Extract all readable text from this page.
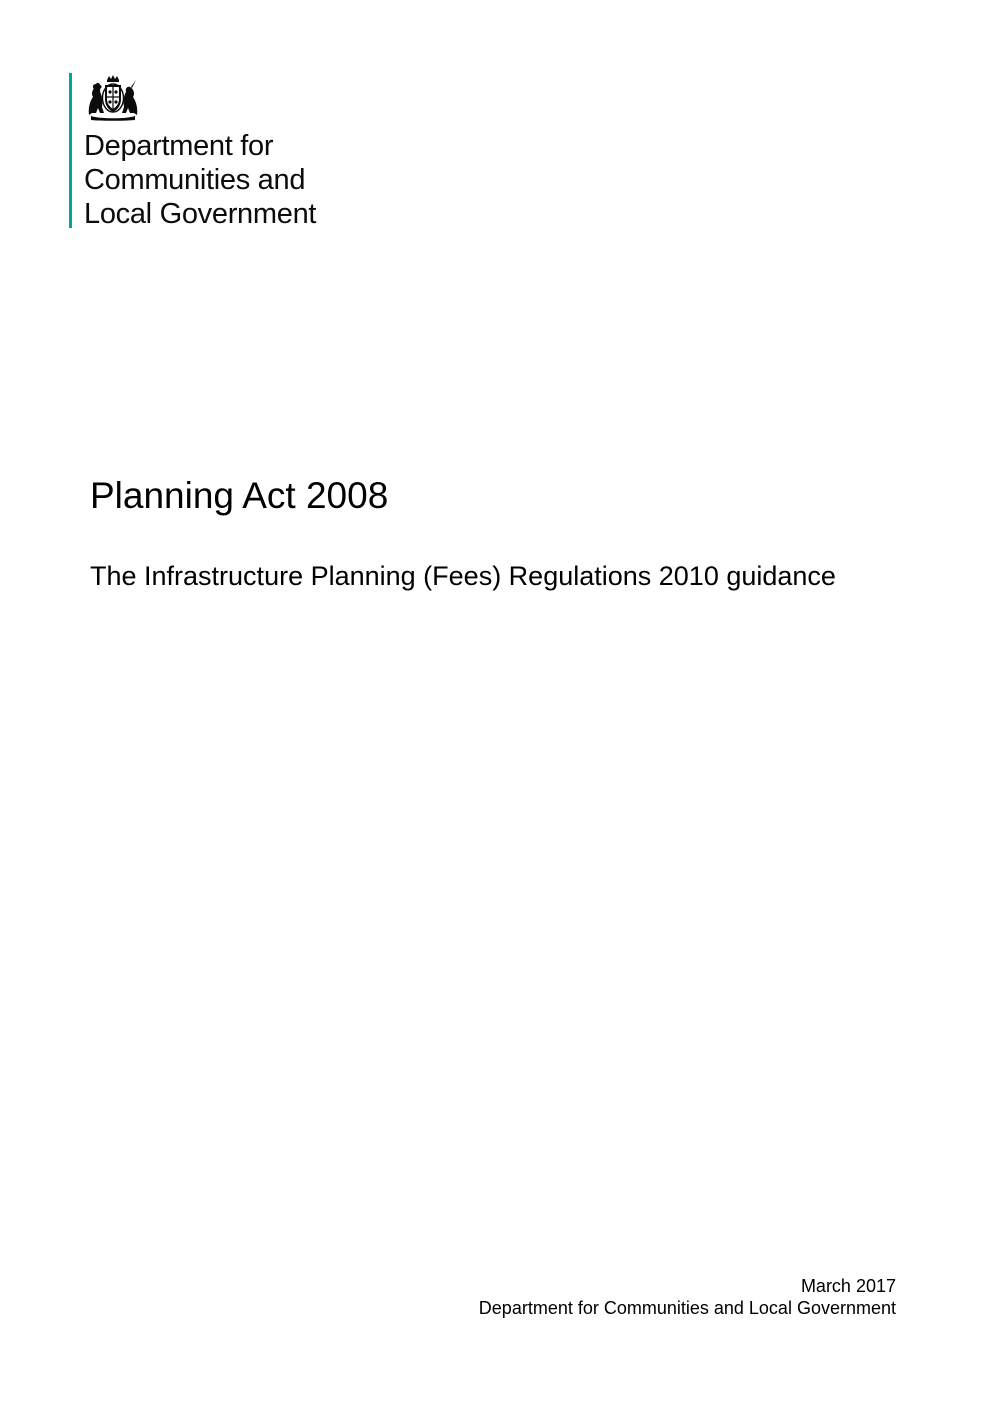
Department for
Communities and
Local Government
Planning Act 2008

The Infrastructure Planning (Fees) Regulations 2010 guidance

March 2017
Department for Communities and Local Government
